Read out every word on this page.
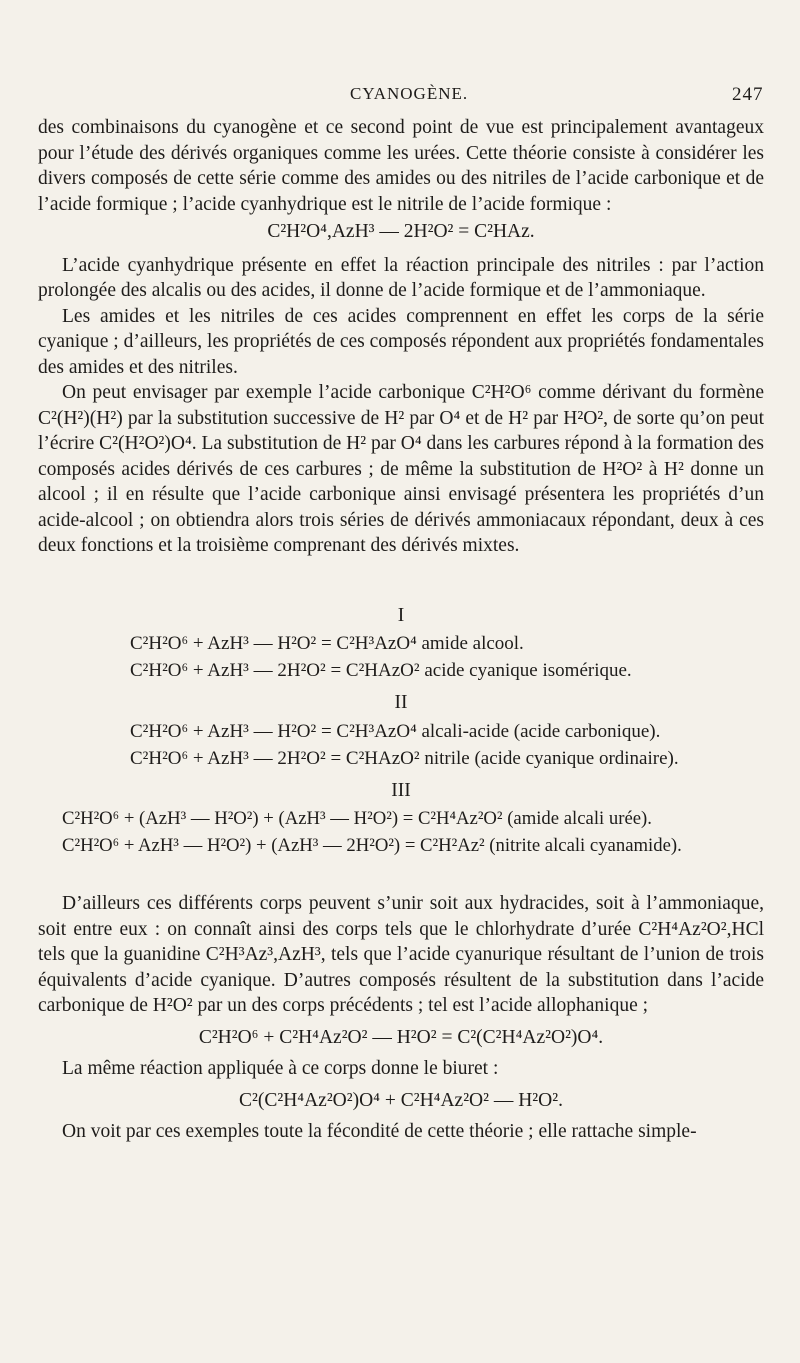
CYANOGÈNE.	247

des combinaisons du cyanogène et ce second point de vue est principalement avantageux pour l’étude des dérivés organiques comme les urées. Cette théorie consiste à considérer les divers composés de cette série comme des amides ou des nitriles de l’acide carbonique et de l’acide formique ; l’acide cyanhydrique est le nitrile de l’acide formique :

C²H²O⁴,AzH³ — 2H²O² = C²HAz.

L’acide cyanhydrique présente en effet la réaction principale des nitriles : par l’action prolongée des alcalis ou des acides, il donne de l’acide formique et de l’ammoniaque.

Les amides et les nitriles de ces acides comprennent en effet les corps de la série cyanique ; d’ailleurs, les propriétés de ces composés répondent aux propriétés fondamentales des amides et des nitriles.

On peut envisager par exemple l’acide carbonique C²H²O⁶ comme dérivant du formène C²(H²)(H²) par la substitution successive de H² par O⁴ et de H² par H²O², de sorte qu’on peut l’écrire C²(H²O²)O⁴. La substitution de H² par O⁴ dans les carbures répond à la formation des composés acides dérivés de ces carbures ; de même la substitution de H²O² à H² donne un alcool ; il en résulte que l’acide carbonique ainsi envisagé présentera les propriétés d’un acide-alcool ; on obtiendra alors trois séries de dérivés ammoniacaux répondant, deux à ces deux fonctions et la troisième comprenant des dérivés mixtes.

I
C²H²O⁶ + AzH³ — H²O² = C²H³AzO⁴ amide alcool.
C²H²O⁶ + AzH³ — 2H²O² = C²HAzO² acide cyanique isomérique.
II
C²H²O⁶ + AzH³ — H²O² = C²H³AzO⁴ alcali-acide (acide carbonique).
C²H²O⁶ + AzH³ — 2H²O² = C²HAzO² nitrile (acide cyanique ordinaire).
III
C²H²O⁶ + (AzH³ — H²O²) + (AzH³ — H²O²) = C²H⁴Az²O² (amide alcali urée).
C²H²O⁶ + AzH³ — H²O²) + (AzH³ — 2H²O²) = C²H²Az² (nitrite alcali cyanamide).

D’ailleurs ces différents corps peuvent s’unir soit aux hydracides, soit à l’ammoniaque, soit entre eux : on connaît ainsi des corps tels que le chlorhydrate d’urée C²H⁴Az²O²,HCl tels que la guanidine C²H³Az³,AzH³, tels que l’acide cyanurique résultant de l’union de trois équivalents d’acide cyanique. D’autres composés résultent de la substitution dans l’acide carbonique de H²O² par un des corps précédents ; tel est l’acide allophanique ;

C²H²O⁶ + C²H⁴Az²O² — H²O² = C²(C²H⁴Az²O²)O⁴.

La même réaction appliquée à ce corps donne le biuret :

C²(C²H⁴Az²O²)O⁴ + C²H⁴Az²O² — H²O².

On voit par ces exemples toute la fécondité de cette théorie ; elle rattache simple-
